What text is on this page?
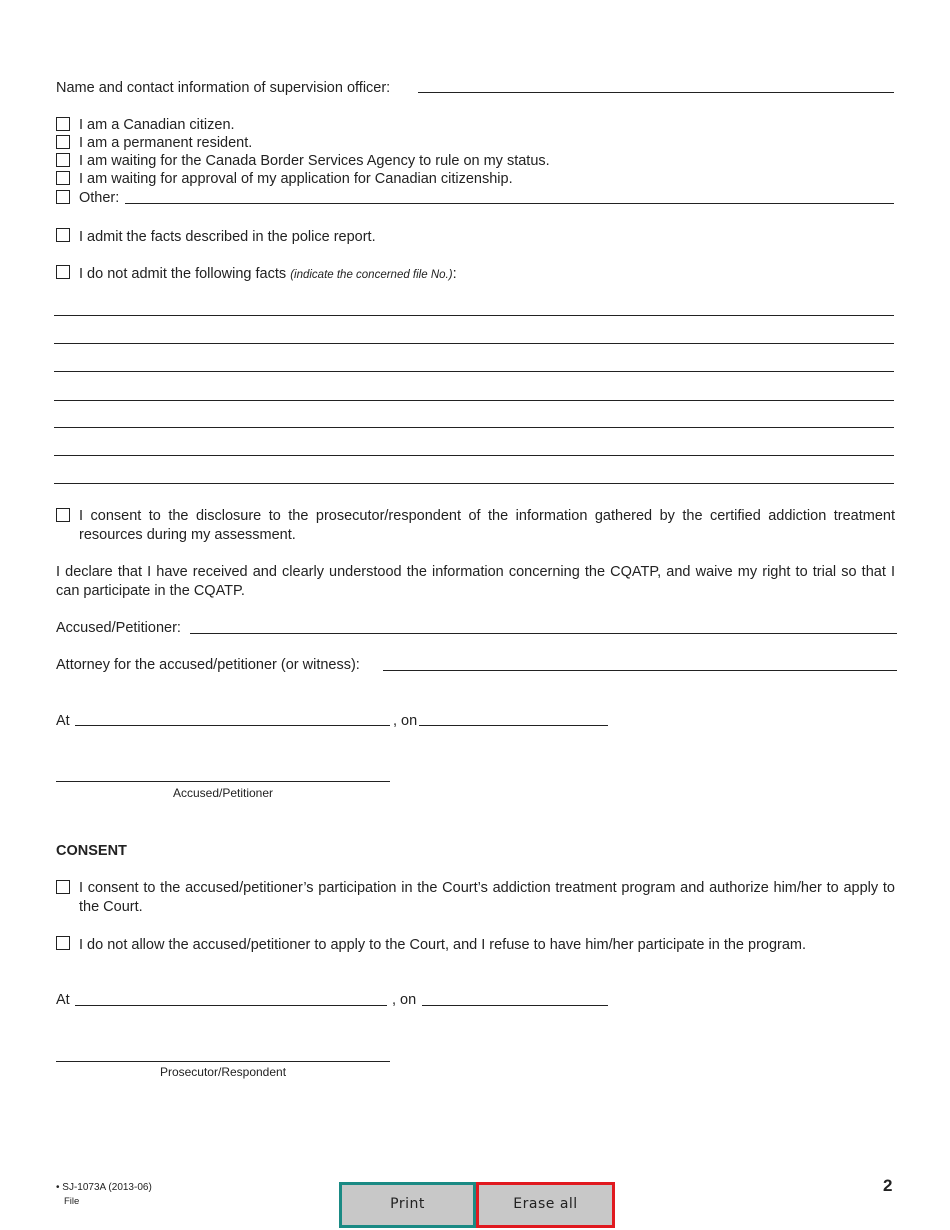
Name and contact information of supervision officer:
I am a Canadian citizen.
I am a permanent resident.
I am waiting for the Canada Border Services Agency to rule on my status.
I am waiting for approval of my application for Canadian citizenship.
Other:
I admit the facts described in the police report.
I do not admit the following facts (indicate the concerned file No.):
I consent to the disclosure to the prosecutor/respondent of the information gathered by the certified addiction treatment resources during my assessment.
I declare that I have received and clearly understood the information concerning the CQATP, and waive my right to trial so that I can participate in the CQATP.
Accused/Petitioner:
Attorney for the accused/petitioner (or witness):
At	, on
Accused/Petitioner
CONSENT
I consent to the accused/petitioner’s participation in the Court’s addiction treatment program and authorize him/her to apply to the Court.
I do not allow the accused/petitioner to apply to the Court, and I refuse to have him/her participate in the program.
At	, on
Prosecutor/Respondent
• SJ-1073A (2013-06)
File
2
Print	Erase all
